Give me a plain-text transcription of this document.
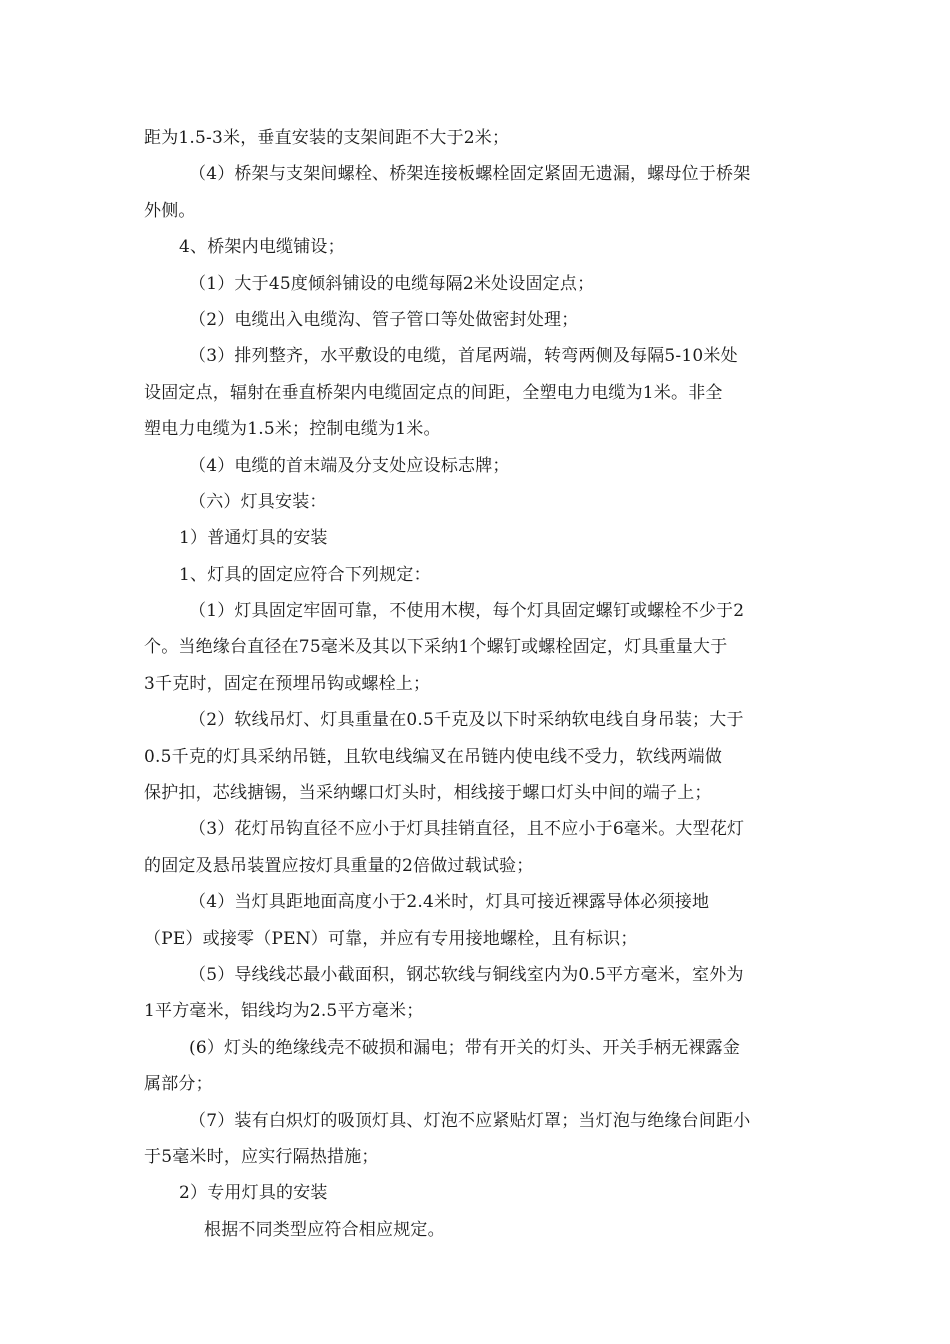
距为1.5-3米，垂直安装的支架间距不大于2米；
（4）桥架与支架间螺栓、桥架连接板螺栓固定紧固无遗漏，螺母位于桥架
外侧。
4、桥架内电缆铺设；
（1）大于45度倾斜铺设的电缆每隔2米处设固定点；
（2）电缆出入电缆沟、管子管口等处做密封处理；
（3）排列整齐，水平敷设的电缆，首尾两端，转弯两侧及每隔5-10米处
设固定点，辐射在垂直桥架内电缆固定点的间距，全塑电力电缆为1米。非全
塑电力电缆为1.5米；控制电缆为1米。
（4）电缆的首末端及分支处应设标志牌；
（六）灯具安装：
1）普通灯具的安装
1、灯具的固定应符合下列规定：
（1）灯具固定牢固可靠，不使用木楔，每个灯具固定螺钉或螺栓不少于2
个。当绝缘台直径在75毫米及其以下采纳1个螺钉或螺栓固定，灯具重量大于
3千克时，固定在预埋吊钩或螺栓上；
（2）软线吊灯、灯具重量在0.5千克及以下时采纳软电线自身吊装；大于
0.5千克的灯具采纳吊链，且软电线编叉在吊链内使电线不受力，软线两端做
保护扣，芯线搪锡，当采纳螺口灯头时，相线接于螺口灯头中间的端子上；
（3）花灯吊钩直径不应小于灯具挂销直径，且不应小于6毫米。大型花灯
的固定及悬吊装置应按灯具重量的2倍做过载试验；
（4）当灯具距地面高度小于2.4米时，灯具可接近裸露导体必须接地
（PE）或接零（PEN）可靠，并应有专用接地螺栓，且有标识；
（5）导线线芯最小截面积，钢芯软线与铜线室内为0.5平方毫米，室外为
1平方毫米，铝线均为2.5平方毫米；
(6）灯头的绝缘线壳不破损和漏电；带有开关的灯头、开关手柄无裸露金
属部分；
（7）装有白炽灯的吸顶灯具、灯泡不应紧贴灯罩；当灯泡与绝缘台间距小
于5毫米时，应实行隔热措施；
2）专用灯具的安装
根据不同类型应符合相应规定。
